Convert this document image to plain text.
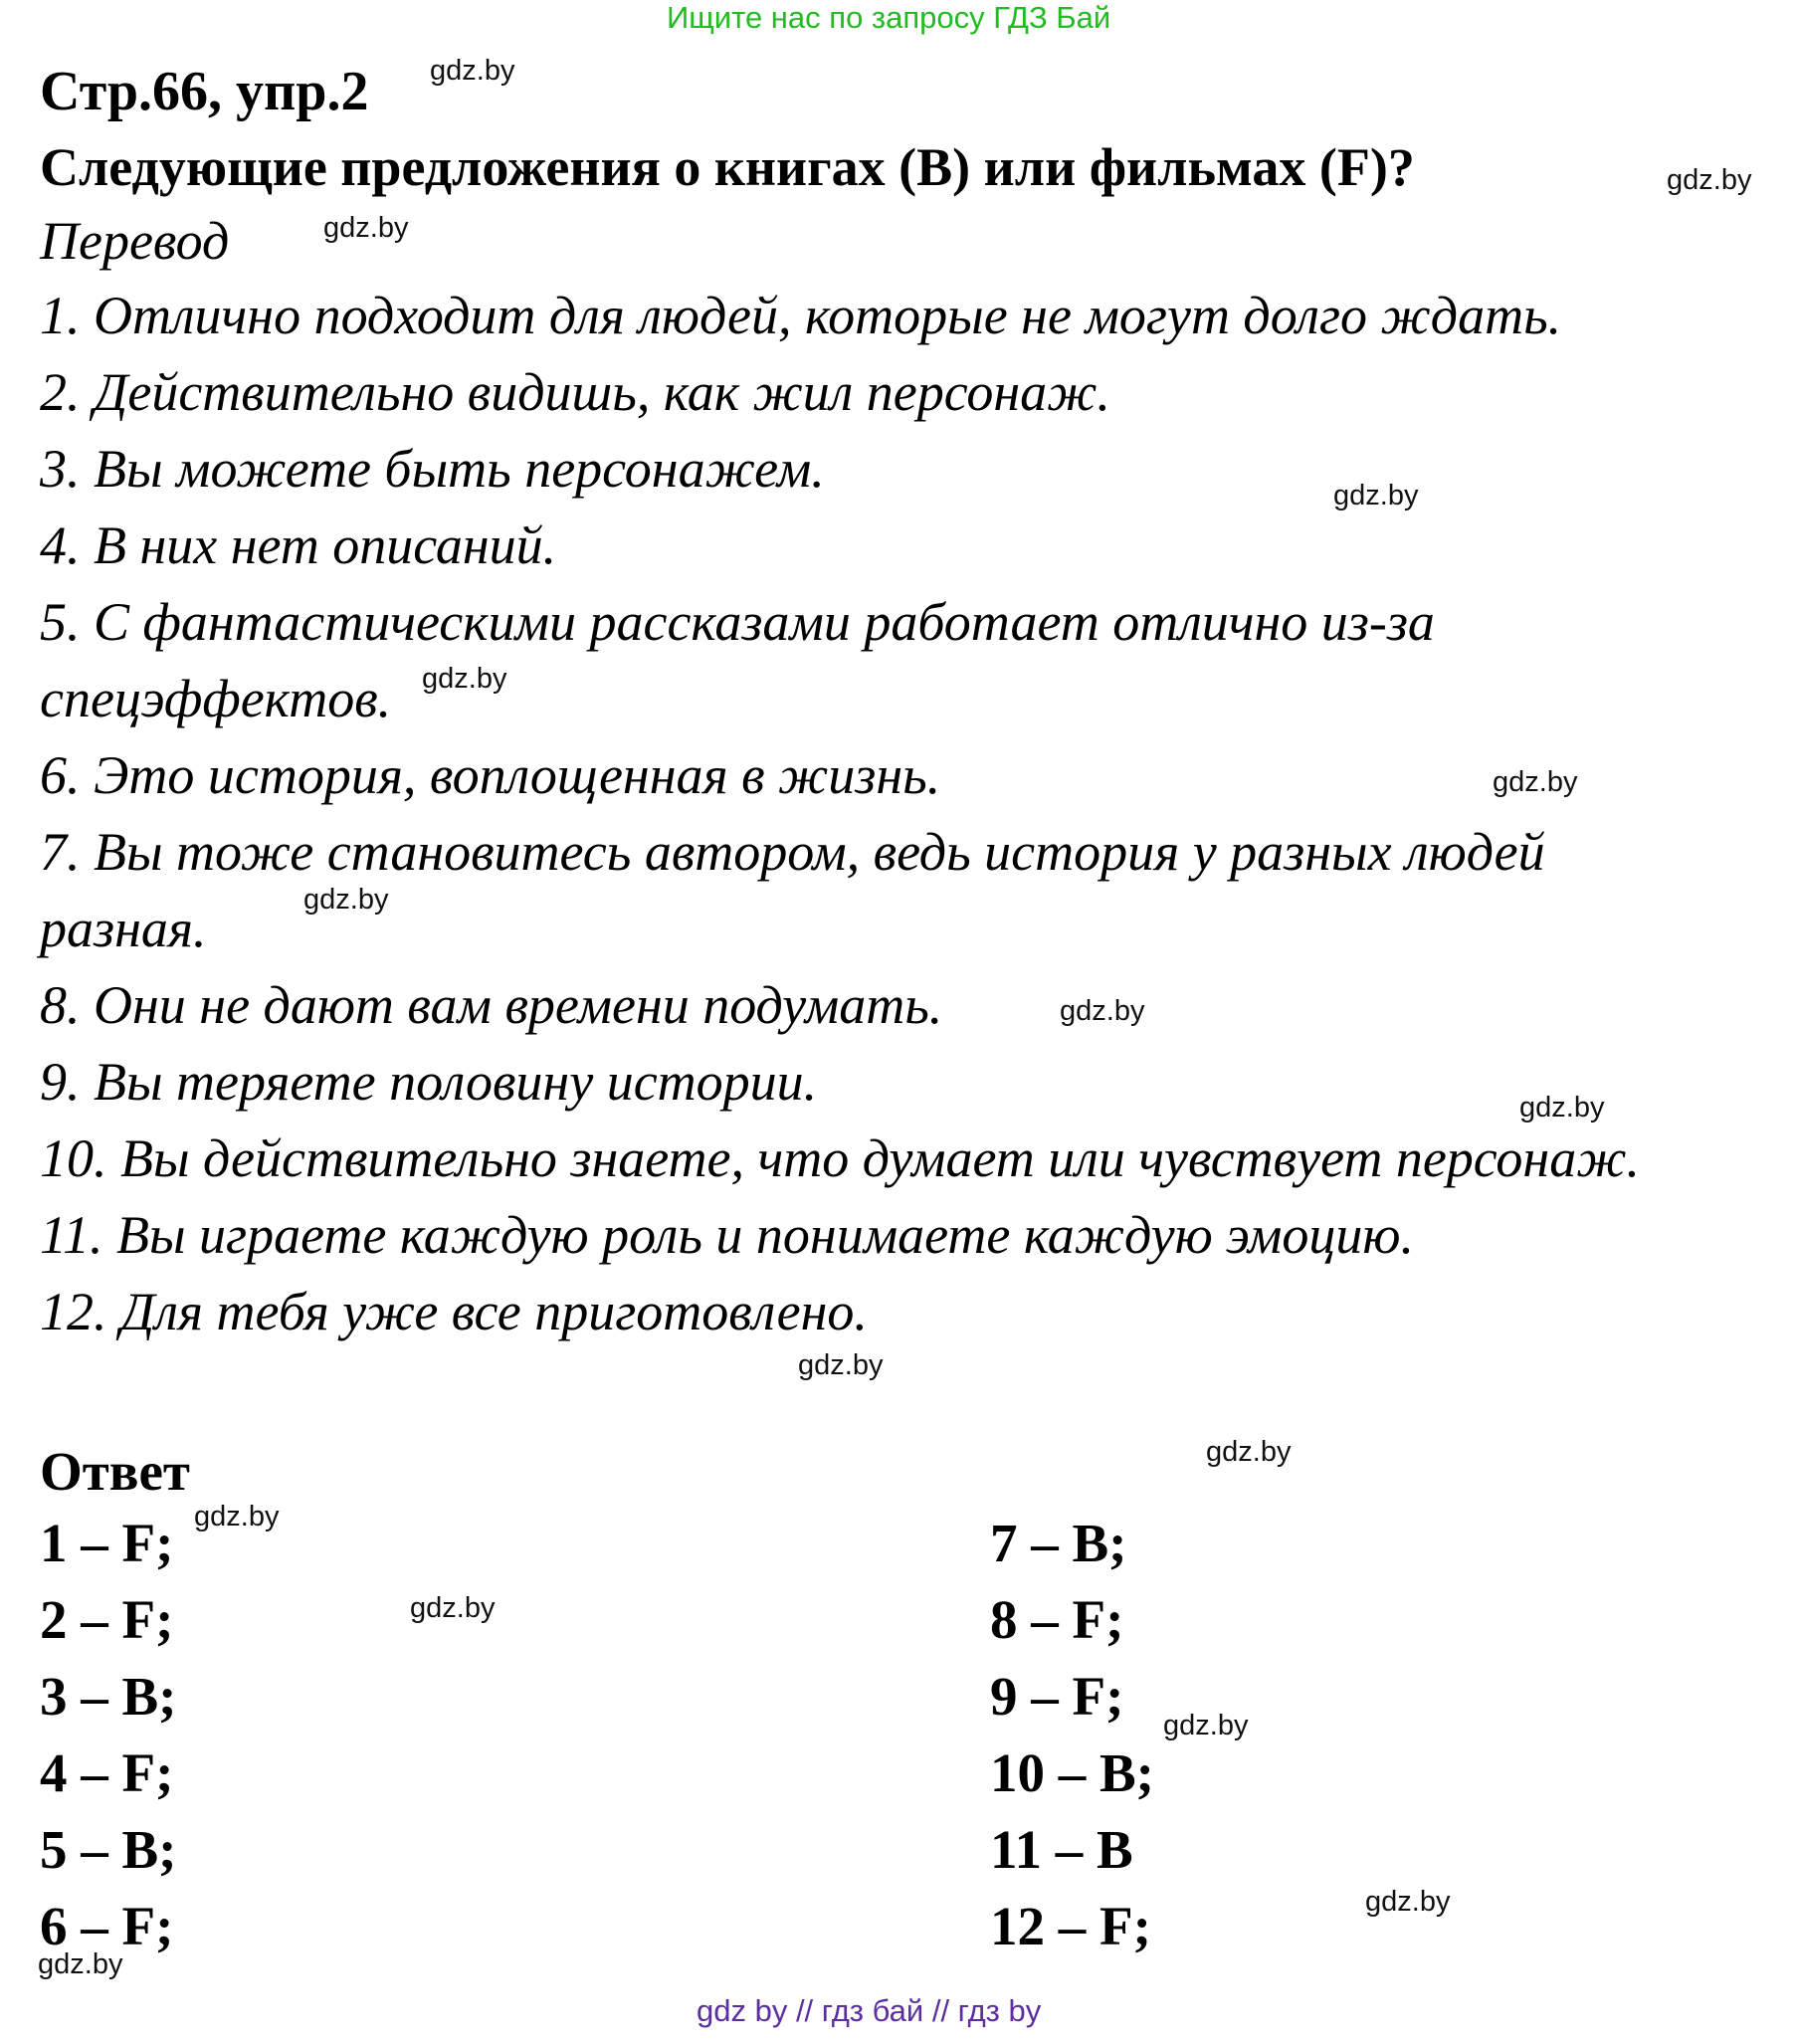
Ищите нас по запросу ГДЗ Бай
Стр.66, упр.2
Следующие предложения о книгах (B) или фильмах (F)?
Перевод
1. Отлично подходит для людей, которые не могут долго ждать.
2. Действительно видишь, как жил персонаж.
3. Вы можете быть персонажем.
4. В них нет описаний.
5. С фантастическими рассказами работает отлично из-за
спецэффектов.
6. Это история, воплощенная в жизнь.
7. Вы тоже становитесь автором, ведь история у разных людей
разная.
8. Они не дают вам времени подумать.
9. Вы теряете половину истории.
10. Вы действительно знаете, что думает или чувствует персонаж.
11. Вы играете каждую роль и понимаете каждую эмоцию.
12. Для тебя уже все приготовлено.
Ответ
1 – F;
2 – F;
3 – B;
4 – F;
5 – B;
6 – F;
7 – B;
8 – F;
9 – F;
10 – B;
11 – B
12 – F;
gdz.by
gdz.by
gdz.by
gdz.by
gdz.by
gdz.by
gdz.by
gdz.by
gdz.by
gdz.by
gdz.by
gdz.by
gdz.by
gdz.by
gdz.by
gdz.by
gdz by // гдз бай // гдз by
